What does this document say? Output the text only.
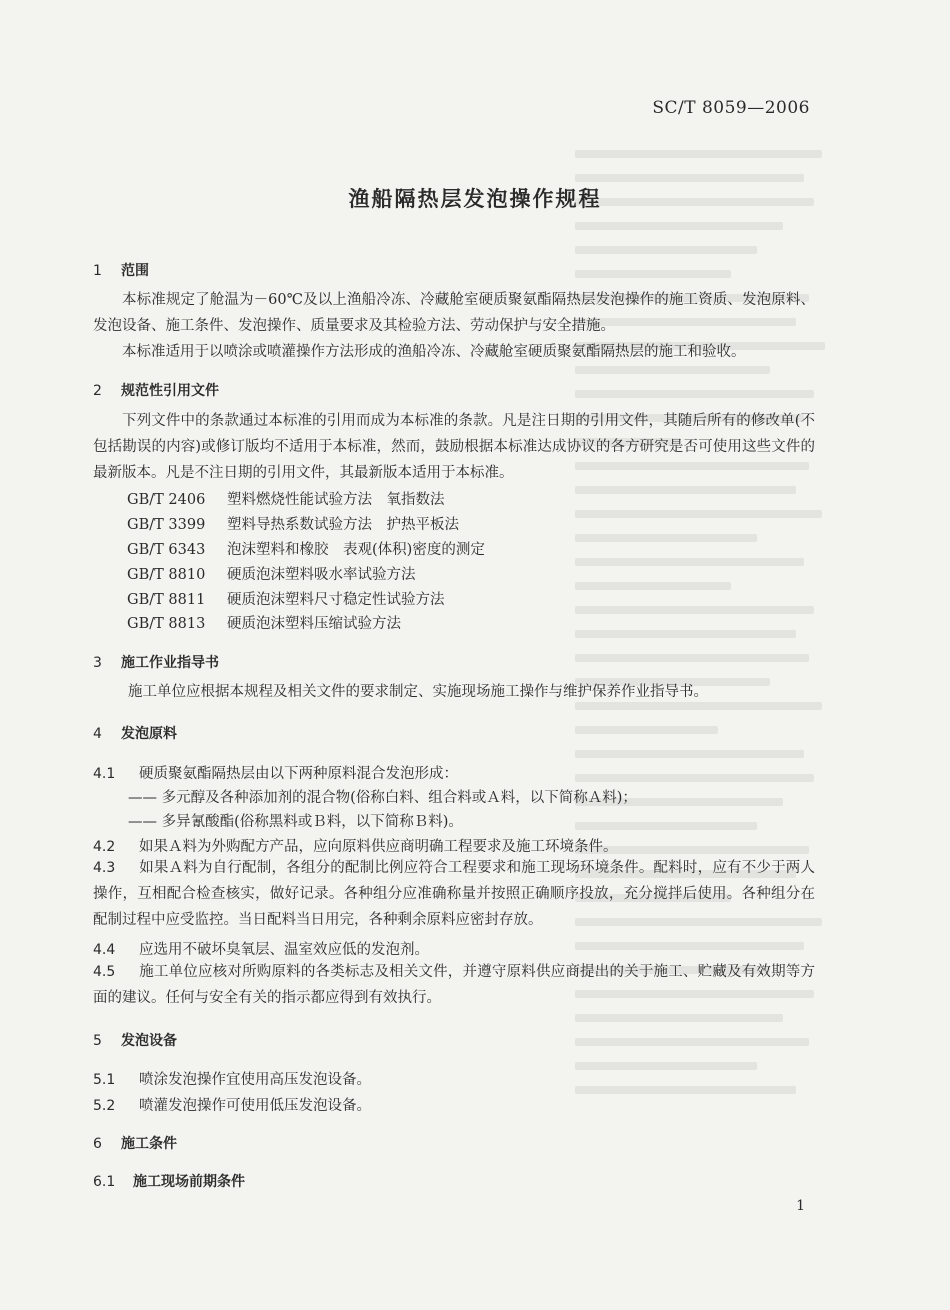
SC/T 8059—2006
渔船隔热层发泡操作规程
1 范围
本标准规定了舱温为－60℃及以上渔船冷冻、冷藏舱室硬质聚氨酯隔热层发泡操作的施工资质、发泡原料、发泡设备、施工条件、发泡操作、质量要求及其检验方法、劳动保护与安全措施。
本标准适用于以喷涂或喷灌操作方法形成的渔船冷冻、冷藏舱室硬质聚氨酯隔热层的施工和验收。
2 规范性引用文件
下列文件中的条款通过本标准的引用而成为本标准的条款。凡是注日期的引用文件，其随后所有的修改单(不包括勘误的内容)或修订版均不适用于本标准，然而，鼓励根据本标准达成协议的各方研究是否可使用这些文件的最新版本。凡是不注日期的引用文件，其最新版本适用于本标准。
GB/T 2406 塑料燃烧性能试验方法　氧指数法
GB/T 3399 塑料导热系数试验方法　护热平板法
GB/T 6343 泡沫塑料和橡胶　表观(体积)密度的测定
GB/T 8810 硬质泡沫塑料吸水率试验方法
GB/T 8811 硬质泡沫塑料尺寸稳定性试验方法
GB/T 8813 硬质泡沫塑料压缩试验方法
3 施工作业指导书
施工单位应根据本规程及相关文件的要求制定、实施现场施工操作与维护保养作业指导书。
4 发泡原料
4.1 硬质聚氨酯隔热层由以下两种原料混合发泡形成：
—— 多元醇及各种添加剂的混合物(俗称白料、组合料或Ａ料，以下简称Ａ料)；
—— 多异氰酸酯(俗称黑料或Ｂ料，以下简称Ｂ料)。
4.2 如果Ａ料为外购配方产品，应向原料供应商明确工程要求及施工环境条件。
4.3 如果Ａ料为自行配制，各组分的配制比例应符合工程要求和施工现场环境条件。配料时，应有不少于两人操作，互相配合检查核实，做好记录。各种组分应准确称量并按照正确顺序投放，充分搅拌后使用。各种组分在配制过程中应受监控。当日配料当日用完，各种剩余原料应密封存放。
4.4 应选用不破坏臭氧层、温室效应低的发泡剂。
4.5 施工单位应核对所购原料的各类标志及相关文件，并遵守原料供应商提出的关于施工、贮藏及有效期等方面的建议。任何与安全有关的指示都应得到有效执行。
5 发泡设备
5.1 喷涂发泡操作宜使用高压发泡设备。
5.2 喷灌发泡操作可使用低压发泡设备。
6 施工条件
6.1 施工现场前期条件
1
